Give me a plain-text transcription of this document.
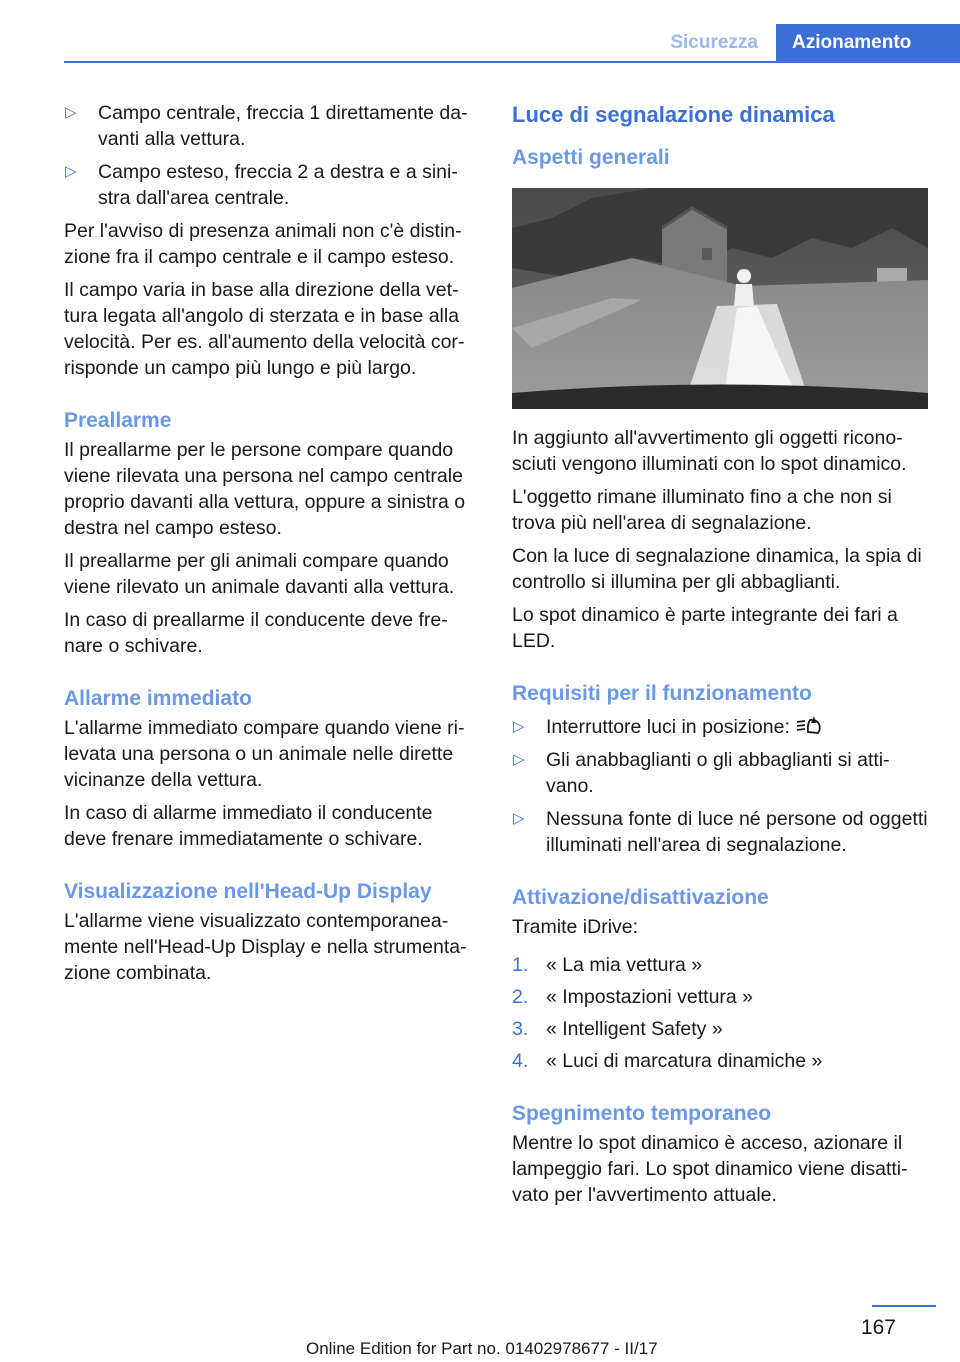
Sicurezza	Azionamento
▷ Campo centrale, freccia 1 direttamente davanti alla vettura.
▷ Campo esteso, freccia 2 a destra e a sinistra dall'area centrale.

Per l'avviso di presenza animali non c'è distinzione fra il campo centrale e il campo esteso.

Il campo varia in base alla direzione della vettura legata all'angolo di sterzata e in base alla velocità. Per es. all'aumento della velocità corrisponde un campo più lungo e più largo.

Preallarme

Il preallarme per le persone compare quando viene rilevata una persona nel campo centrale proprio davanti alla vettura, oppure a sinistra o destra nel campo esteso.

Il preallarme per gli animali compare quando viene rilevato un animale davanti alla vettura.

In caso di preallarme il conducente deve frenare o schivare.

Allarme immediato

L'allarme immediato compare quando viene rilevata una persona o un animale nelle dirette vicinanze della vettura.

In caso di allarme immediato il conducente deve frenare immediatamente o schivare.

Visualizzazione nell'Head-Up Display

L'allarme viene visualizzato contemporaneamente nell'Head-Up Display e nella strumentazione combinata.

Luce di segnalazione dinamica
Aspetti generali

In aggiunto all'avvertimento gli oggetti riconosciuti vengono illuminati con lo spot dinamico.

L'oggetto rimane illuminato fino a che non si trova più nell'area di segnalazione.

Con la luce di segnalazione dinamica, la spia di controllo si illumina per gli abbaglianti.

Lo spot dinamico è parte integrante dei fari a LED.

Requisiti per il funzionamento
▷ Interruttore luci in posizione:
▷ Gli anabbaglianti o gli abbaglianti si attivano.
▷ Nessuna fonte di luce né persone od oggetti illuminati nell'area di segnalazione.
Attivazione/disattivazione

Tramite iDrive:

1. « La mia vettura »
2. « Impostazioni vettura »
3. « Intelligent Safety »
4. « Luci di marcatura dinamiche »
Spegnimento temporaneo

Mentre lo spot dinamico è acceso, azionare il lampeggio fari. Lo spot dinamico viene disattivato per l'avvertimento attuale.

167
Online Edition for Part no. 01402978677 - II/17
